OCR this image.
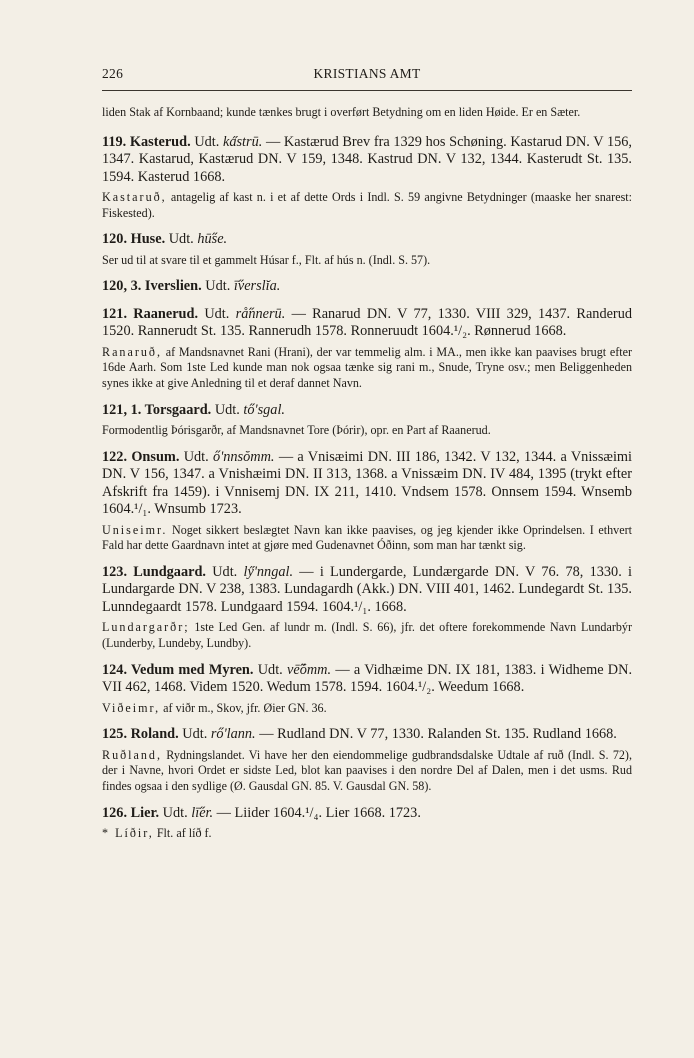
226	KRISTIANS AMT

liden Stak af Kornbaand; kunde tænkes brugt i overført Betydning om en liden Høide. Er en Sæter.

119. Kasterud. Udt. ka̋strū. — Kastærud Brev fra 1329 hos Schøning. Kastarud DN. V 156, 1347. Kastarud, Kastærud DN. V 159, 1348. Kastrud DN. V 132, 1344. Kasterudt St. 135. 1594. Kasterud 1668.

Kastaruð, antagelig af kast n. i et af dette Ords i Indl. S. 59 angivne Betydninger (maaske her snarest: Fiskested).

120. Huse. Udt. hū̋se.

Ser ud til at svare til et gammelt Húsar f., Flt. af hús n. (Indl. S. 57).

120, 3. Iverslien. Udt. ī̋verslĭa.

121. Raanerud. Udt. rå̋nnerū. — Ranarud DN. V 77, 1330. VIII 329, 1437. Randerud 1520. Rannerudt St. 135. Rannerudh 1578. Ronneruudt 1604.¹/₂. Rønnerud 1668.

Ranaruð, af Mandsnavnet Rani (Hrani), der var temmelig alm. i MA., men ikke kan paavises brugt efter 16de Aarh. Som 1ste Led kunde man nok ogsaa tænke sig rani m., Snude, Tryne osv.; men Beliggenheden synes ikke at give Anledning til et deraf dannet Navn.

121, 1. Torsgaard. Udt. tő'sgal.

Formodentlig Þórisgarðr, af Mandsnavnet Tore (Þórir), opr. en Part af Raanerud.

122. Onsum. Udt. ő'nnsŏmm. — a Vnisæimi DN. III 186, 1342. V 132, 1344. a Vnissæimi DN. V 156, 1347. a Vnishæimi DN. II 313, 1368. a Vnissæim DN. IV 484, 1395 (trykt efter Afskrift fra 1459). i Vnnisemj DN. IX 211, 1410. Vndsem 1578. Onnsem 1594. Wnsemb 1604.¹/₁. Wnsumb 1723.

Uniseimr. Noget sikkert beslægtet Navn kan ikke paavises, og jeg kjender ikke Oprindelsen. I ethvert Fald har dette Gaardnavn intet at gjøre med Gudenavnet Óðinn, som man har tænkt sig.

123. Lundgaard. Udt. ly̋'nngal. — i Lundergarde, Lundærgarde DN. V 76. 78, 1330. i Lundargarde DN. V 238, 1383. Lundagardh (Akk.) DN. VIII 401, 1462. Lundegardt St. 135. Lunndegaardt 1578. Lundgaard 1594. 1604.¹/₁. 1668.

Lundargarðr; 1ste Led Gen. af lundr m. (Indl. S. 66), jfr. det oftere forekommende Navn Lundarbýr (Lunderby, Lundeby, Lundby).

124. Vedum med Myren. Udt. vē̋ŏmm. — a Vidhæime DN. IX 181, 1383. i Widheme DN. VII 462, 1468. Videm 1520. Wedum 1578. 1594. 1604.¹/₂. Weedum 1668.

Viðeimr, af viðr m., Skov, jfr. Øier GN. 36.

125. Roland. Udt. rő'lann. — Rudland DN. V 77, 1330. Ralanden St. 135. Rudland 1668.

Ruðland, Rydningslandet. Vi have her den eiendommelige gudbrandsdalske Udtale af ruð (Indl. S. 72), der i Navne, hvori Ordet er sidste Led, blot kan paavises i den nordre Del af Dalen, men i det usms. Rud findes ogsaa i den sydlige (Ø. Gausdal GN. 85. V. Gausdal GN. 58).

126. Lier. Udt. lī̋er. — Liider 1604.¹/₄. Lier 1668. 1723.

* Líðir, Flt. af líð f.
